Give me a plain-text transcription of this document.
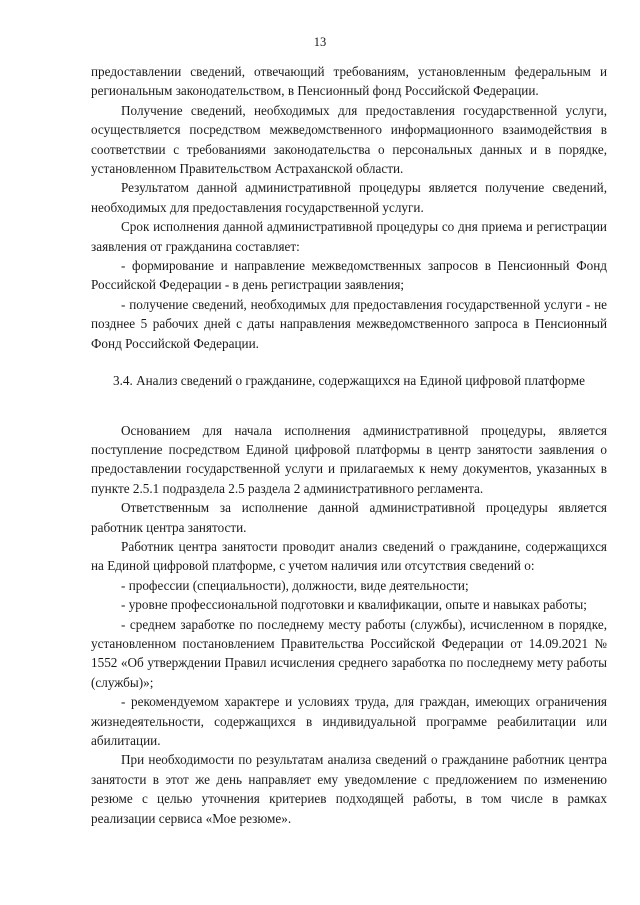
13

предоставлении сведений, отвечающий требованиям, установленным федеральным и региональным законодательством, в Пенсионный фонд Российской Федерации.

Получение сведений, необходимых для предоставления государственной услуги, осуществляется посредством межведомственного информационного взаимодействия в соответствии с требованиями законодательства о персональных данных и в порядке, установленном Правительством Астраханской области.

Результатом данной административной процедуры является получение сведений, необходимых для предоставления государственной услуги.

Срок исполнения данной административной процедуры со дня приема и регистрации заявления от гражданина составляет:

- формирование и направление межведомственных запросов в Пенсионный Фонд Российской Федерации - в день регистрации заявления;

- получение сведений, необходимых для предоставления государственной услуги - не позднее 5 рабочих дней с даты направления межведомственного запроса в Пенсионный Фонд Российской Федерации.

3.4. Анализ сведений о гражданине, содержащихся на Единой цифровой платформе

Основанием для начала исполнения административной процедуры, является поступление посредством Единой цифровой платформы в центр занятости заявления о предоставлении государственной услуги и прилагаемых к нему документов, указанных в пункте 2.5.1 подраздела 2.5 раздела 2 административного регламента.

Ответственным за исполнение данной административной процедуры является работник центра занятости.

Работник центра занятости проводит анализ сведений о гражданине, содержащихся на Единой цифровой платформе, с учетом наличия или отсутствия сведений о:

- профессии (специальности), должности, виде деятельности;

- уровне профессиональной подготовки и квалификации, опыте и навыках работы;

- среднем заработке по последнему месту работы (службы), исчисленном в порядке, установленном постановлением Правительства Российской Федерации от 14.09.2021 № 1552 «Об утверждении Правил исчисления среднего заработка по последнему мету работы (службы)»;

- рекомендуемом характере и условиях труда, для граждан, имеющих ограничения жизнедеятельности, содержащихся в индивидуальной программе реабилитации или абилитации.

При необходимости по результатам анализа сведений о гражданине работник центра занятости в этот же день направляет ему уведомление с предложением по изменению резюме с целью уточнения критериев подходящей работы, в том числе в рамках реализации сервиса «Мое резюме».
